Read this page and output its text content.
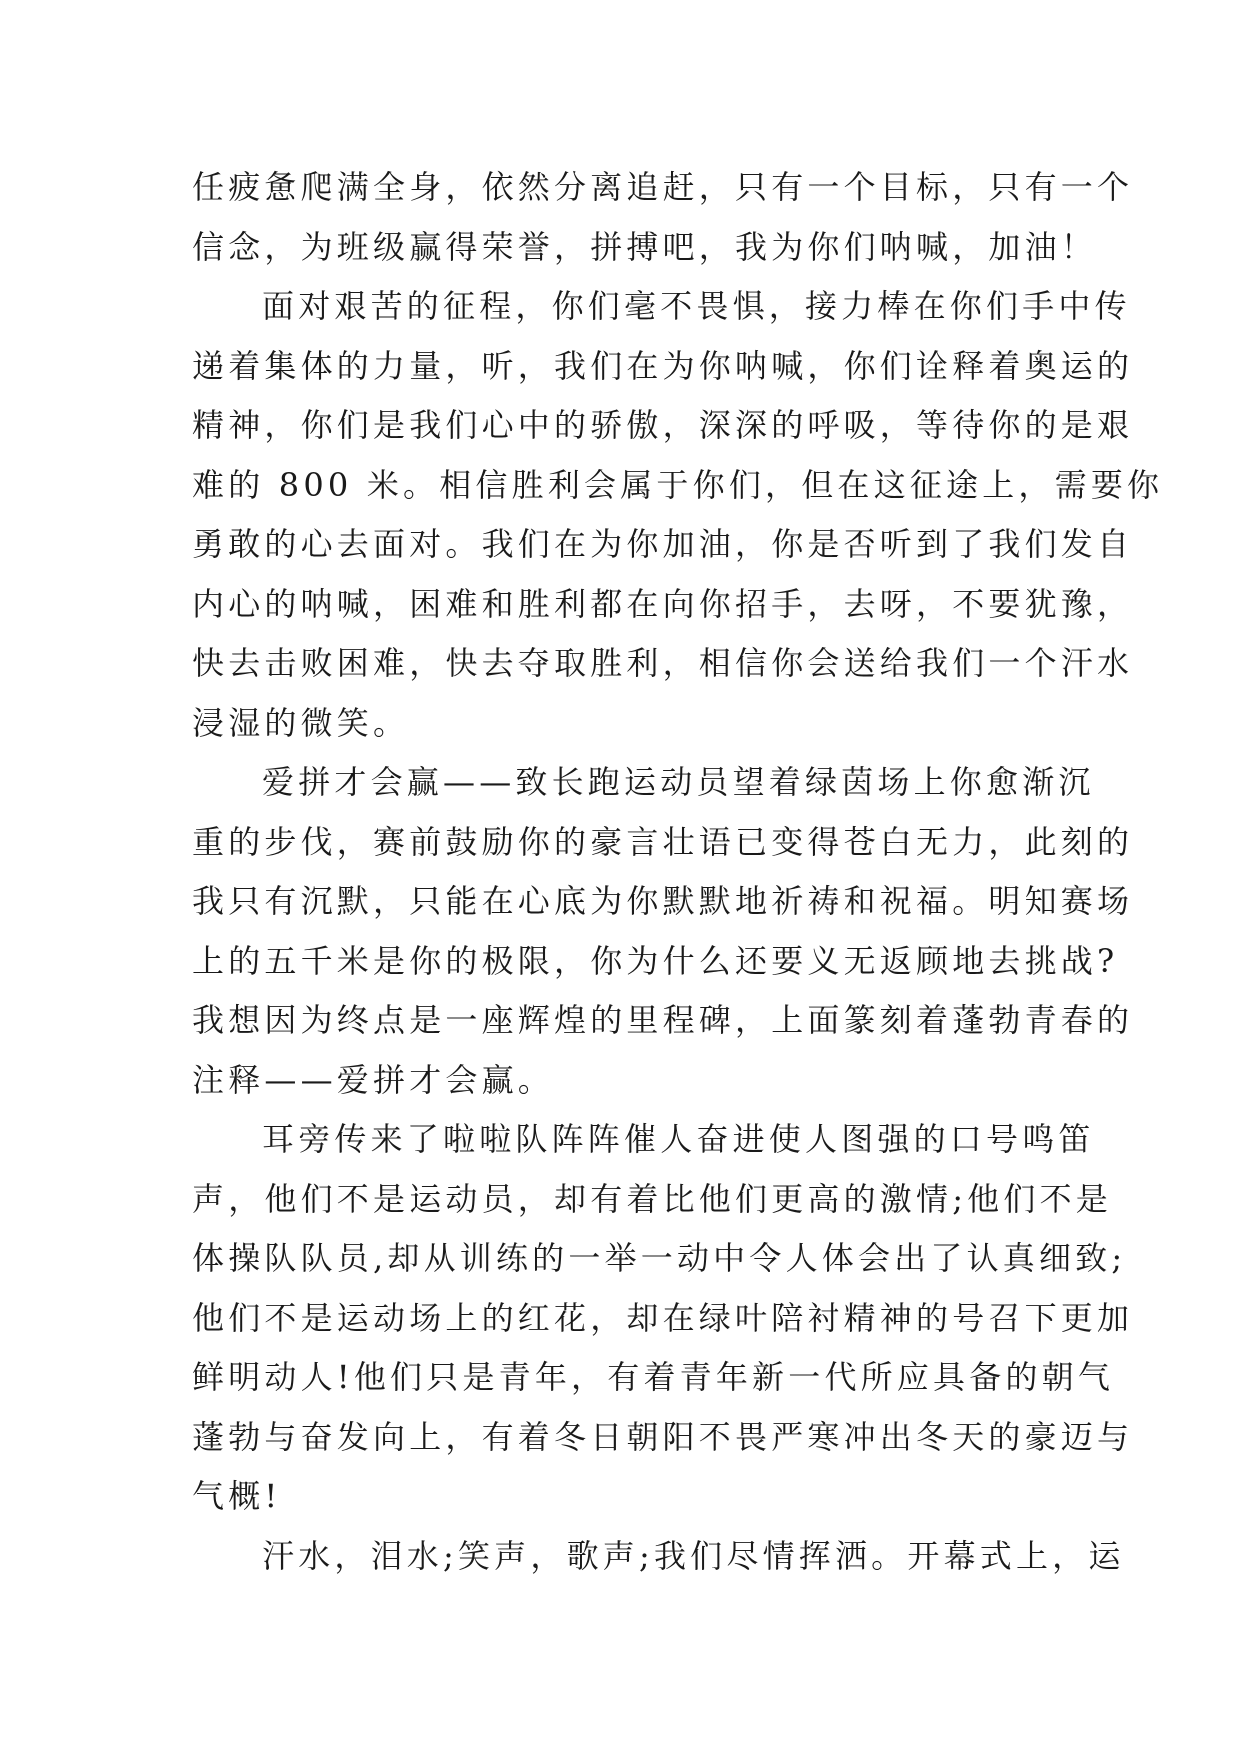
任疲惫爬满全身，依然分离追赶，只有一个目标，只有一个
信念，为班级赢得荣誉，拼搏吧，我为你们呐喊，加油！
面对艰苦的征程，你们毫不畏惧，接力棒在你们手中传
递着集体的力量，听，我们在为你呐喊，你们诠释着奥运的
精神，你们是我们心中的骄傲，深深的呼吸，等待你的是艰
难的 800 米。相信胜利会属于你们，但在这征途上，需要你
勇敢的心去面对。我们在为你加油，你是否听到了我们发自
内心的呐喊，困难和胜利都在向你招手，去呀，不要犹豫，
快去击败困难，快去夺取胜利，相信你会送给我们一个汗水
浸湿的微笑。
爱拼才会赢——致长跑运动员望着绿茵场上你愈渐沉
重的步伐，赛前鼓励你的豪言壮语已变得苍白无力，此刻的
我只有沉默，只能在心底为你默默地祈祷和祝福。明知赛场
上的五千米是你的极限，你为什么还要义无返顾地去挑战?
我想因为终点是一座辉煌的里程碑，上面篆刻着蓬勃青春的
注释——爱拼才会赢。
耳旁传来了啦啦队阵阵催人奋进使人图强的口号鸣笛
声，他们不是运动员，却有着比他们更高的激情;他们不是
体操队队员,却从训练的一举一动中令人体会出了认真细致;
他们不是运动场上的红花，却在绿叶陪衬精神的号召下更加
鲜明动人!他们只是青年，有着青年新一代所应具备的朝气
蓬勃与奋发向上，有着冬日朝阳不畏严寒冲出冬天的豪迈与
气概!
汗水，泪水;笑声，歌声;我们尽情挥洒。开幕式上，运
